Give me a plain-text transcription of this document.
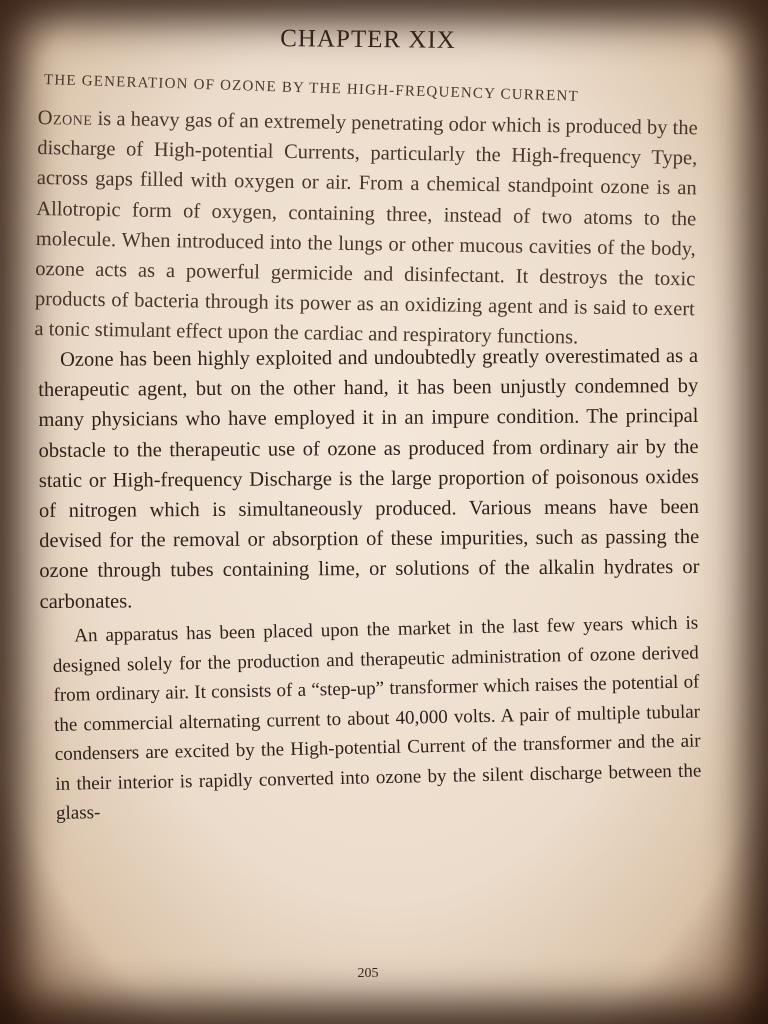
CHAPTER XIX
THE GENERATION OF OZONE BY THE HIGH-FREQUENCY CURRENT

Ozone is a heavy gas of an extremely penetrating odor which is produced by the discharge of High-potential Currents, particularly the High-frequency Type, across gaps filled with oxygen or air. From a chemical standpoint ozone is an Allotropic form of oxygen, containing three, instead of two atoms to the molecule. When introduced into the lungs or other mucous cavities of the body, ozone acts as a powerful germicide and disinfectant. It destroys the toxic products of bacteria through its power as an oxidizing agent and is said to exert a tonic stimulant effect upon the cardiac and respiratory functions.

Ozone has been highly exploited and undoubtedly greatly overestimated as a therapeutic agent, but on the other hand, it has been unjustly condemned by many physicians who have employed it in an impure condition. The principal obstacle to the therapeutic use of ozone as produced from ordinary air by the static or High-frequency Discharge is the large proportion of poisonous oxides of nitrogen which is simultaneously produced. Various means have been devised for the removal or absorption of these impurities, such as passing the ozone through tubes containing lime, or solutions of the alkalin hydrates or carbonates.

An apparatus has been placed upon the market in the last few years which is designed solely for the production and therapeutic administration of ozone derived from ordinary air. It consists of a “step-up” transformer which raises the potential of the commercial alternating current to about 40,000 volts. A pair of multiple tubular condensers are excited by the High-potential Current of the transformer and the air in their interior is rapidly converted into ozone by the silent discharge between the glass-

205
